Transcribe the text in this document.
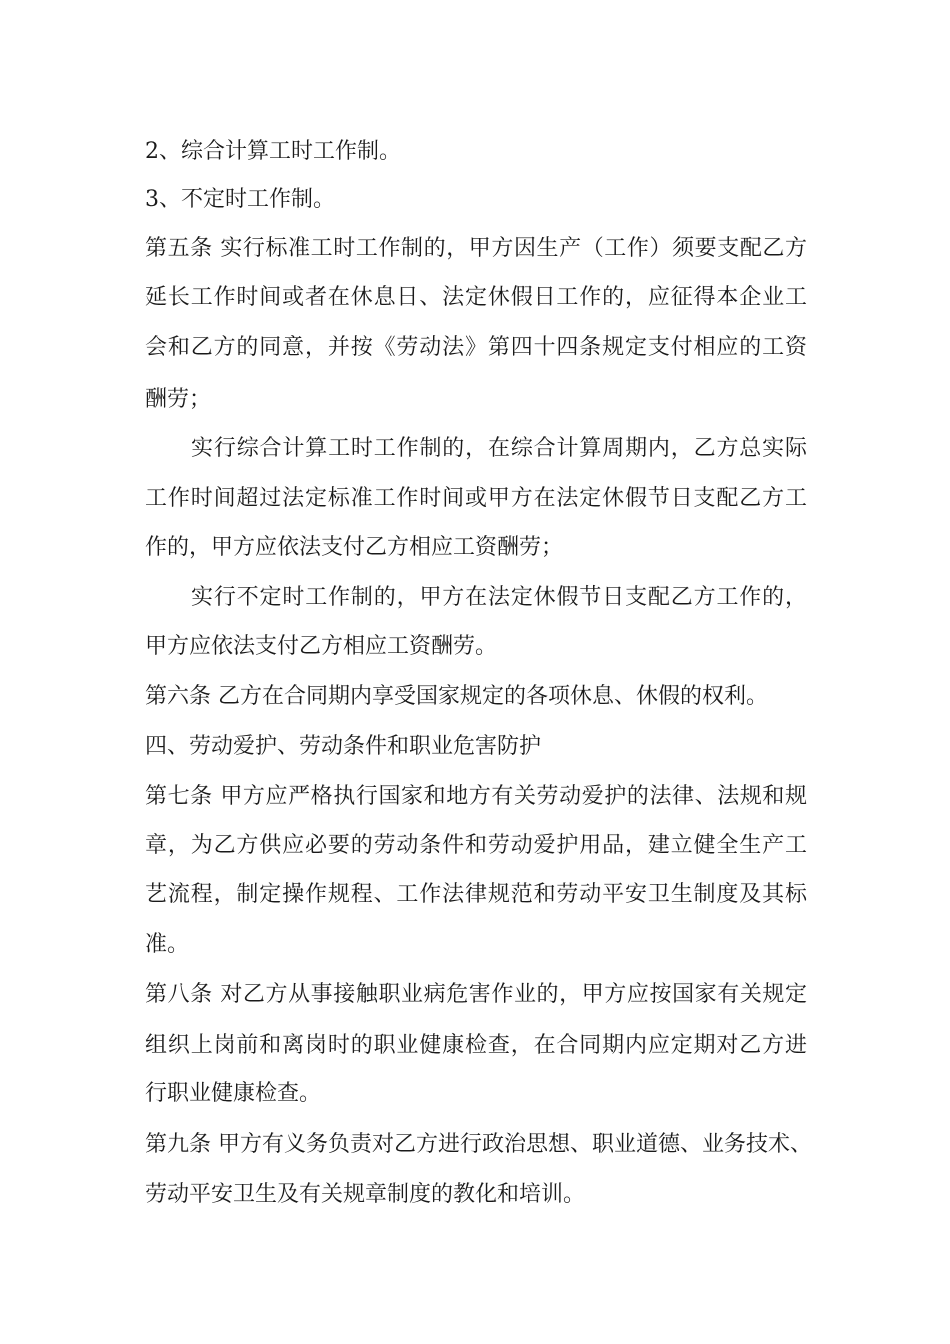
2、综合计算工时工作制。
3、不定时工作制。
第五条 实行标准工时工作制的，甲方因生产（工作）须要支配乙方
延长工作时间或者在休息日、法定休假日工作的，应征得本企业工
会和乙方的同意，并按《劳动法》第四十四条规定支付相应的工资
酬劳；
实行综合计算工时工作制的，在综合计算周期内，乙方总实际
工作时间超过法定标准工作时间或甲方在法定休假节日支配乙方工
作的，甲方应依法支付乙方相应工资酬劳；
实行不定时工作制的，甲方在法定休假节日支配乙方工作的，
甲方应依法支付乙方相应工资酬劳。
第六条 乙方在合同期内享受国家规定的各项休息、休假的权利。
四、劳动爱护、劳动条件和职业危害防护
第七条 甲方应严格执行国家和地方有关劳动爱护的法律、法规和规
章，为乙方供应必要的劳动条件和劳动爱护用品，建立健全生产工
艺流程，制定操作规程、工作法律规范和劳动平安卫生制度及其标
准。
第八条 对乙方从事接触职业病危害作业的，甲方应按国家有关规定
组织上岗前和离岗时的职业健康检查，在合同期内应定期对乙方进
行职业健康检查。
第九条 甲方有义务负责对乙方进行政治思想、职业道德、业务技术、
劳动平安卫生及有关规章制度的教化和培训。
